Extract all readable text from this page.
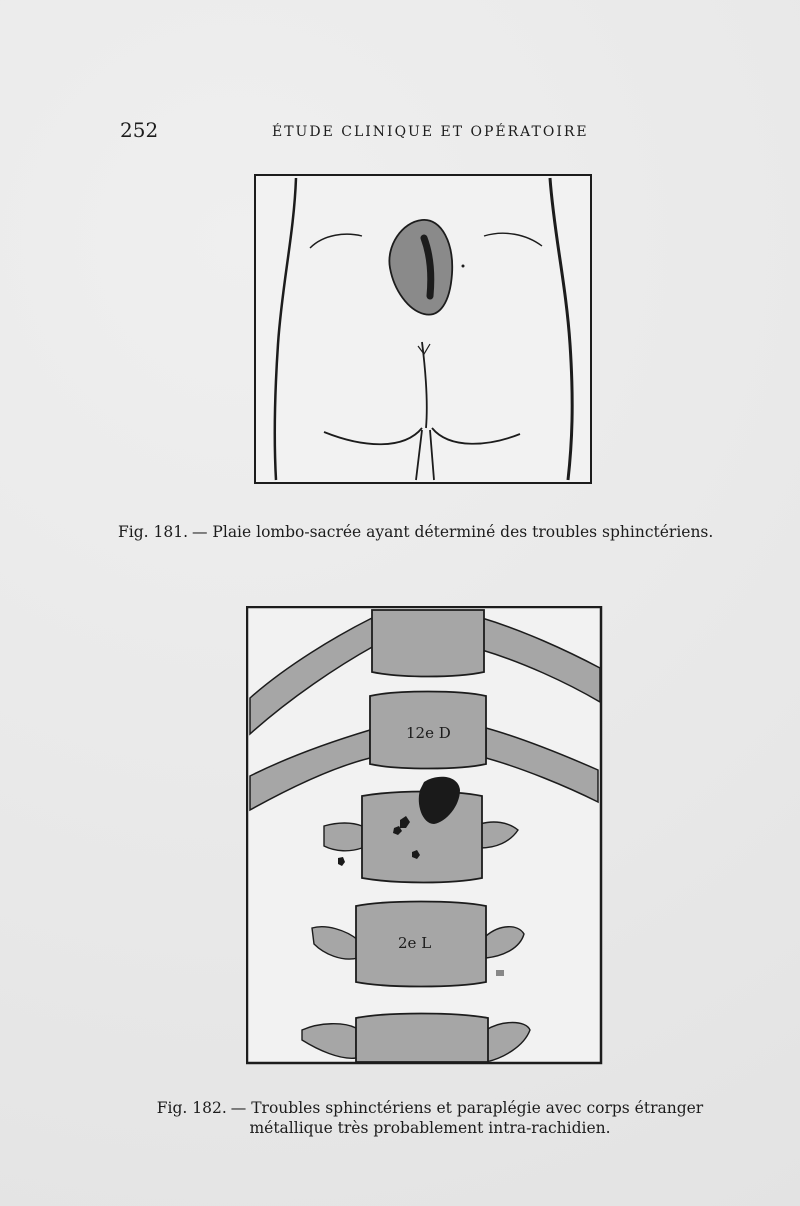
252	ÉTUDE CLINIQUE ET OPÉRATOIRE
Fig. 181. — Plaie lombo-sacrée ayant déterminé des troubles sphinctériens.
12e D
2e L
Fig. 182. — Troubles sphinctériens et paraplégie avec corps étranger
métallique très probablement intra-rachidien.
